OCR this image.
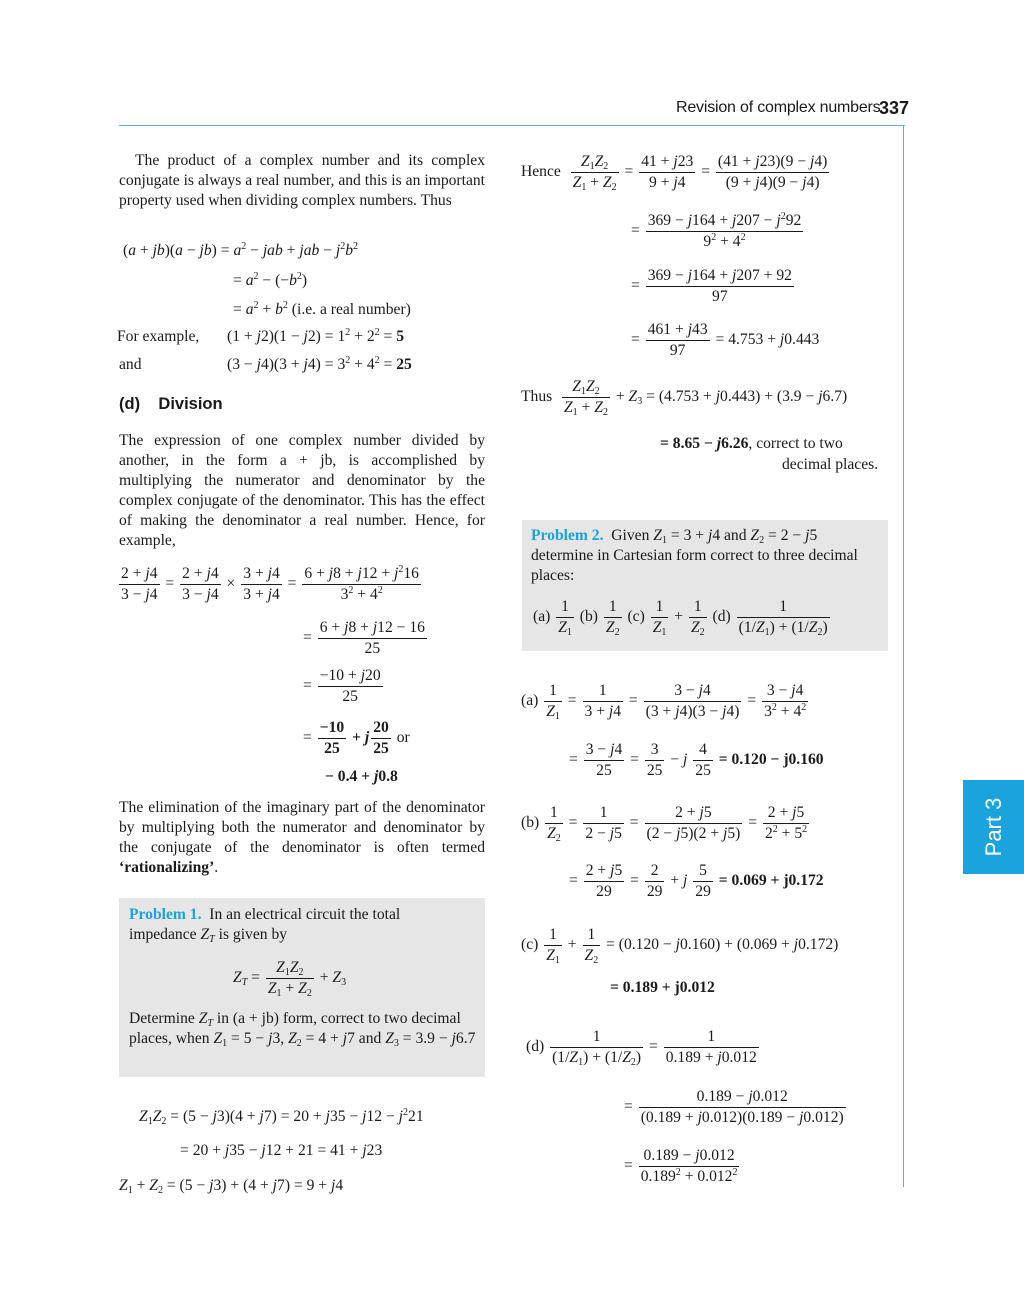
Revision of complex numbers
337
Part 3
The product of a complex number and its complex conjugate is always a real number, and this is an important property used when dividing complex numbers. Thus
$(a + jb)(a - jb) = a^2$ − jab + jab − $j^2b^2$
= $a^2 - (-b^2)$
= $a^2 + b^2$ (i.e. a real number)
For example, $(1 + j2)(1 - j2) = 1^2 + 2^2 = 5$
and	$(3 - j4)(3 + j4) = 3^2 + 4^2 = 25$
(d)    Division
The expression of one complex number divided by another, in the form a + jb, is accomplished by multiplying the numerator and denominator by the complex conjugate of the denominator. This has the effect of making the denominator a real number. Hence, for example,
$\frac{2 + j4}{3 - j4} = \frac{2 + j4}{3 - j4} \times \frac{3 + j4}{3 + j4} = \frac{6 + j8 + j12 + j^216}{3^2 + 4^2}$
= $\frac{6 + j8 + j12 - 16}{25}$
= $\frac{-10 + j20}{25}$
= $\frac{-10}{25} + j \frac{20}{25}$ or
− 0.4 + j0.8
The elimination of the imaginary part of the denominator by multiplying both the numerator and denominator by the conjugate of the denominator is often termed ‘rationalizing’.
Problem 1. In an electrical circuit the total impedance $Z_T$ is given by
$Z_T = \frac{Z_1Z_2}{Z_1 + Z_2} + Z_3$
Determine $Z_T$ in (a + jb) form, correct to two decimal places, when $Z_1 = 5 - j3$, $Z_2 = 4 + j7$ and $Z_3 = 3.9 - j6.7$
$Z_1Z_2 = (5 - j3)(4 + j7) = 20 + j35 - j12 - j^221$
= 20 + j35 − j12 + 21 = 41 + j23
$Z_1 + Z_2 = (5 - j3) + (4 + j7) = 9 + j4$
Hence $\frac{Z_1Z_2}{Z_1 + Z_2} = \frac{41 + j23}{9 + j4} = \frac{(41 + j23)(9 - j4)}{(9 + j4)(9 - j4)}$
= $\frac{369 - j164 + j207 - j^292}{9^2 + 4^2}$
= $\frac{369 - j164 + j207 + 92}{97}$
= $\frac{461 + j43}{97} = 4.753 + j0.443$
Thus $\frac{Z_1Z_2}{Z_1 + Z_2} + Z_3 = (4.753 + j0.443) + (3.9 - j6.7)$
= 8.65 − j6.26, correct to two
decimal places.
Problem 2. Given $Z_1 = 3 + j4$ and $Z_2 = 2 - j5$ determine in Cartesian form correct to three decimal places:
$(a) \frac{1}{Z_1} (b) \frac{1}{Z_2} (c) \frac{1}{Z_1} + \frac{1}{Z_2} (d) \frac{1}{(1/Z_1) + (1/Z_2)}$
$(a) \frac{1}{Z_1} = \frac{1}{3 + j4} = \frac{3 - j4}{(3 + j4)(3 - j4)} = \frac{3 - j4}{3^2 + 4^2}$
= $\frac{3 - j4}{25} = \frac{3}{25} - j \frac{4}{25} = 0.120 - j0.160$
$(b) \frac{1}{Z_2} = \frac{1}{2 - j5} = \frac{2 + j5}{(2 - j5)(2 + j5)} = \frac{2 + j5}{2^2 + 5^2}$
= $\frac{2 + j5}{29} = \frac{2}{29} + j \frac{5}{29} = 0.069 + j0.172$
$(c) \frac{1}{Z_1} + \frac{1}{Z_2} = (0.120 - j0.160) + (0.069 + j0.172)$
= 0.189 + j0.012
$(d) \frac{1}{(1/Z_1) + (1/Z_2)} = \frac{1}{0.189 + j0.012}$
= $\frac{0.189 - j0.012}{(0.189 + j0.012)(0.189 - j0.012)}$
= $\frac{0.189 - j0.012}{0.189^2 + 0.012^2}$
